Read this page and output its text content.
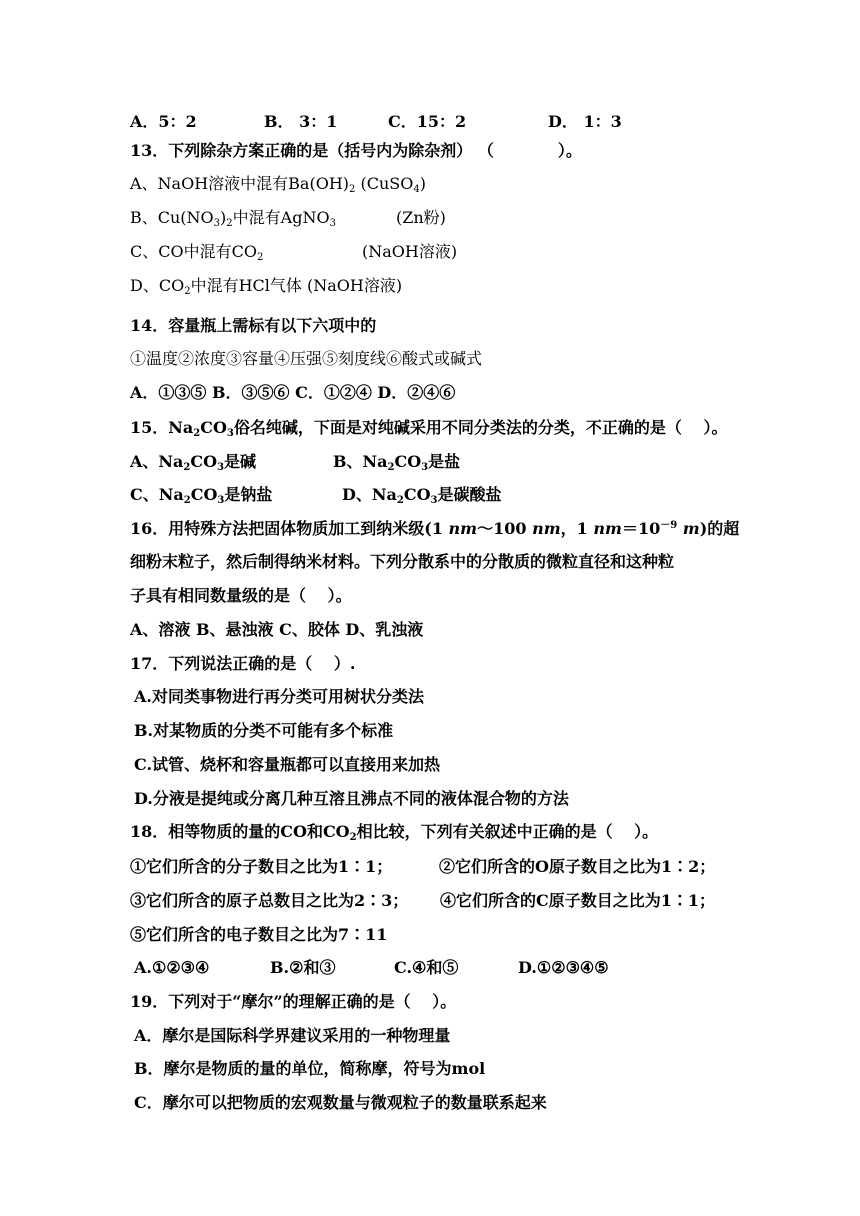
A．5：2	B． 3：1	C．15：2	D． 1：3
13．下列除杂方案正确的是（括号内为除杂剂） （　　　　）。
A、NaOH溶液中混有$Ba(OH)_2$ (CuSO$_4$)
B、$Cu(NO_3)_2$中混有AgNO$_3$	(Zn粉)
C、CO中混有$CO_2$	(NaOH溶液)
D、$CO_2$中混有HCl气体 (NaOH溶液)
14．容量瓶上需标有以下六项中的
①温度②浓度③容量④压强⑤刻度线⑥酸式或碱式
A．①③⑤ B．③⑤⑥ C．①②④ D．②④⑥
15．$Na_2CO_3$俗名纯碱，下面是对纯碱采用不同分类法的分类，不正确的是（　 ）。
A、$Na_2CO_3$是碱	B、$Na_2CO_3$是盐
C、$Na_2CO_3$是钠盐	D、$Na_2CO_3$是碳酸盐
16．用特殊方法把固体物质加工到纳米级(1 nm～100 nm，1 $nm=10^{-9}$ m)的超
细粉末粒子，然后制得纳米材料。下列分散系中的分散质的微粒直径和这种粒
子具有相同数量级的是（　 ）。
A、溶液 B、悬浊液 C、胶体 D、乳浊液
17．下列说法正确的是（　 ）.
A.对同类事物进行再分类可用树状分类法
B.对某物质的分类不可能有多个标准
C.试管、烧杯和容量瓶都可以直接用来加热
D.分液是提纯或分离几种互溶且沸点不同的液体混合物的方法
18．相等物质的量的CO和$CO_2$相比较，下列有关叙述中正确的是（　 ）。
①它们所含的分子数目之比为1∶1；	②它们所含的O原子数目之比为1∶2；
③它们所含的原子总数目之比为2∶3； ④它们所含的C原子数目之比为1∶1；
⑤它们所含的电子数目之比为7∶11
A.①②③④	B.②和③	C.④和⑤	D.①②③④⑤
19．下列对于“摩尔”的理解正确的是（　 ）。
A．摩尔是国际科学界建议采用的一种物理量
B．摩尔是物质的量的单位，简称摩，符号为mol
C．摩尔可以把物质的宏观数量与微观粒子的数量联系起来
